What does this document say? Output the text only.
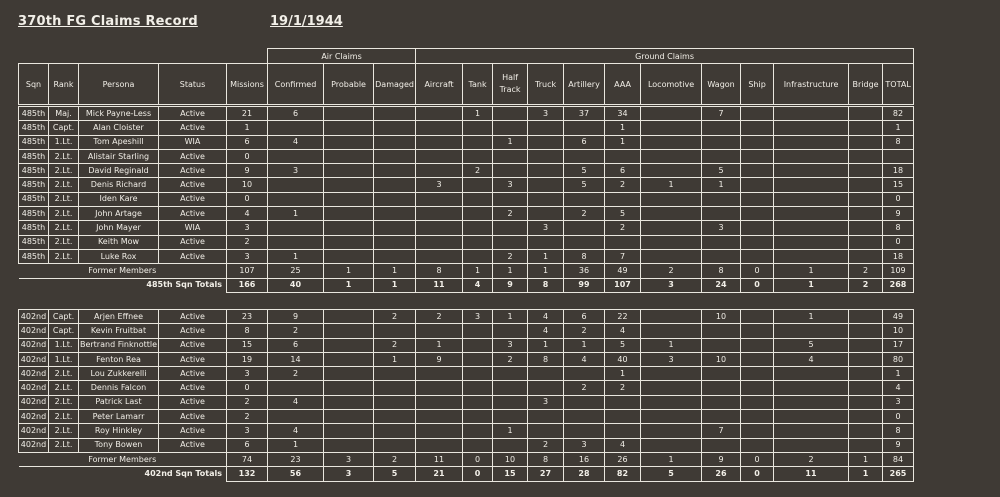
370th FG Claims Record	19/1/1944
					Air Claims			Ground Claims											
Sqn	Rank	Persona	Status	Missions	Confirmed	Probable	Damaged	Aircraft	Tank	Half Track	Truck	Artillery	AAA	Locomotive	Wagon	Ship	Infrastructure	Bridge	TOTAL
485th	Maj.	Mick Payne-Less	Active	21	6				1		3	37	34		7				82
485th	Capt.	Alan Cloister	Active	1									1						1
485th	1.Lt.	Tom Apeshill	WIA	6	4					1		6	1						8
485th	2.Lt.	Alistair Starling	Active	0															
485th	2.Lt.	David Reginald	Active	9	3				2			5	6		5				18
485th	2.Lt.	Denis Richard	Active	10				3		3		5	2	1	1				15
485th	2.Lt.	Iden Kare	Active	0															0
485th	2.Lt.	John Artage	Active	4	1					2		2	5						9
485th	2.Lt.	John Mayer	WIA	3							3		2		3				8
485th	2.Lt.	Keith Mow	Active	2															0
485th	2.Lt.	Luke Rox	Active	3	1					2	1	8	7						18
Former Members				107	25	1	1	8	1	1	1	36	49	2	8	0	1	2	109
485th Sqn Totals				166	40	1	1	11	4	9	8	99	107	3	24	0	1	2	268
402nd	Capt.	Arjen Effnee	Active	23	9		2	2	3	1	4	6	22		10		1		49
402nd	Capt.	Kevin Fruitbat	Active	8	2						4	2	4						10
402nd	1.Lt.	Bertrand Finknottle	Active	15	6		2	1		3	1	1	5	1			5		17
402nd	1.Lt.	Fenton Rea	Active	19	14		1	9		2	8	4	40	3	10		4		80
402nd	2.Lt.	Lou Zukkerelli	Active	3	2								1						1
402nd	2.Lt.	Dennis Falcon	Active	0								2	2						4
402nd	2.Lt.	Patrick Last	Active	2	4						3								3
402nd	2.Lt.	Peter Lamarr	Active	2															0
402nd	2.Lt.	Roy Hinkley	Active	3	4					1					7				8
402nd	2.Lt.	Tony Bowen	Active	6	1						2	3	4						9
Former Members				74	23	3	2	11	0	10	8	16	26	1	9	0	2	1	84
402nd Sqn Totals				132	56	3	5	21	0	15	27	28	82	5	26	0	11	1	265
